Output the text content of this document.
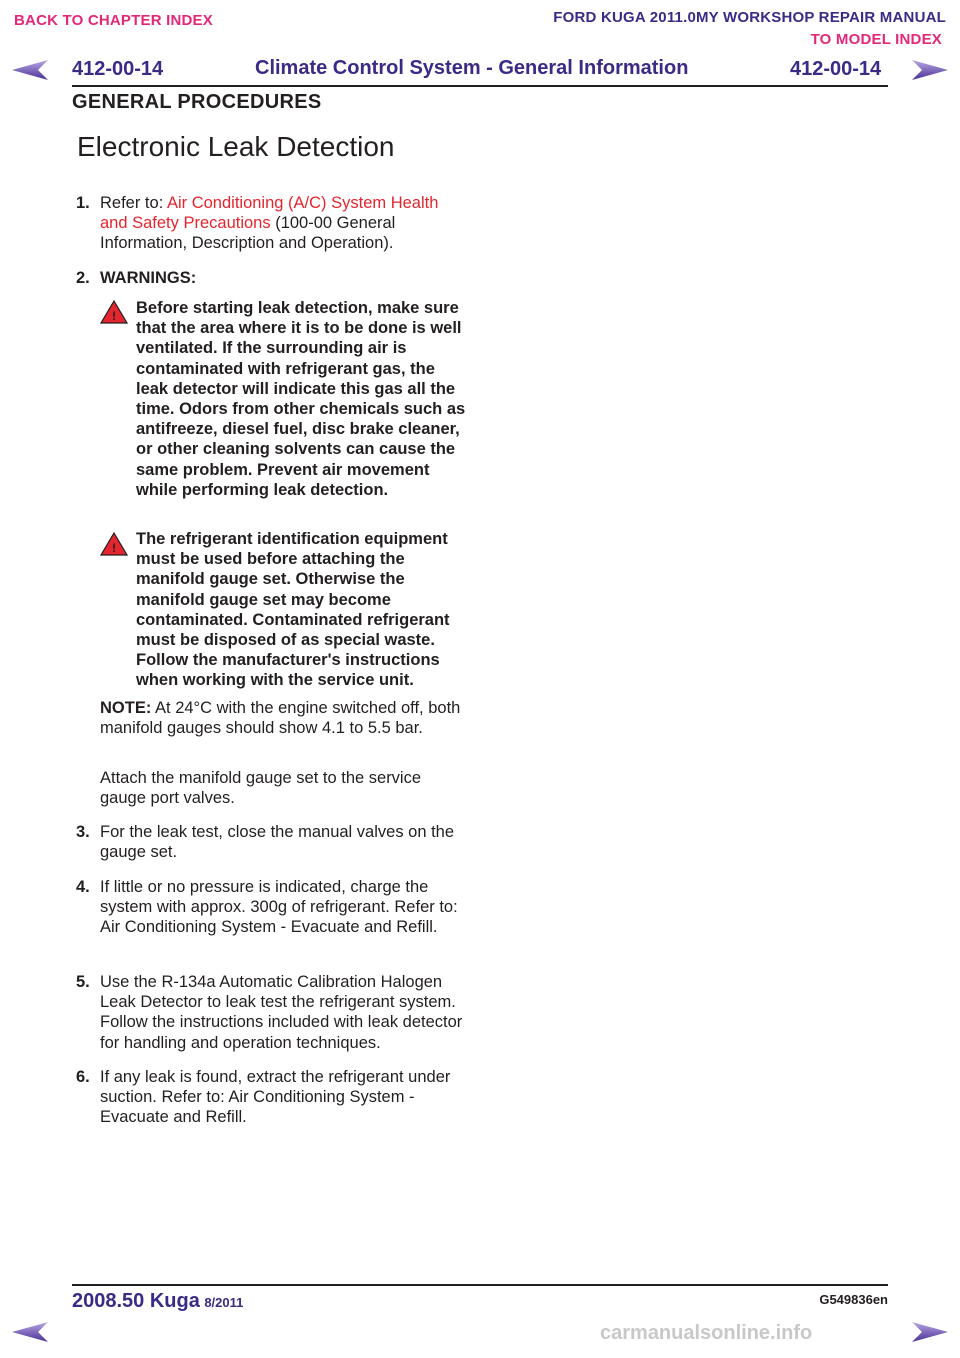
BACK TO CHAPTER INDEX	FORD KUGA 2011.0MY WORKSHOP REPAIR MANUAL
TO MODEL INDEX
412-00-14	Climate Control System - General Information	412-00-14
GENERAL PROCEDURES
Electronic Leak Detection
1. Refer to: Air Conditioning (A/C) System Health and Safety Precautions (100-00 General Information, Description and Operation).
2. WARNINGS:
! Before starting leak detection, make sure that the area where it is to be done is well ventilated. If the surrounding air is contaminated with refrigerant gas, the leak detector will indicate this gas all the time. Odors from other chemicals such as antifreeze, diesel fuel, disc brake cleaner, or other cleaning solvents can cause the same problem. Prevent air movement while performing leak detection.
! The refrigerant identification equipment must be used before attaching the manifold gauge set. Otherwise the manifold gauge set may become contaminated. Contaminated refrigerant must be disposed of as special waste. Follow the manufacturer's instructions when working with the service unit.
NOTE: At 24°C with the engine switched off, both manifold gauges should show 4.1 to 5.5 bar.
Attach the manifold gauge set to the service gauge port valves.
3. For the leak test, close the manual valves on the gauge set.
4. If little or no pressure is indicated, charge the system with approx. 300g of refrigerant. Refer to: Air Conditioning System - Evacuate and Refill.
5. Use the R-134a Automatic Calibration Halogen Leak Detector to leak test the refrigerant system. Follow the instructions included with leak detector for handling and operation techniques.
6. If any leak is found, extract the refrigerant under suction. Refer to: Air Conditioning System - Evacuate and Refill.
2008.50 Kuga 8/2011	G549836en
carmanualsonline.info
